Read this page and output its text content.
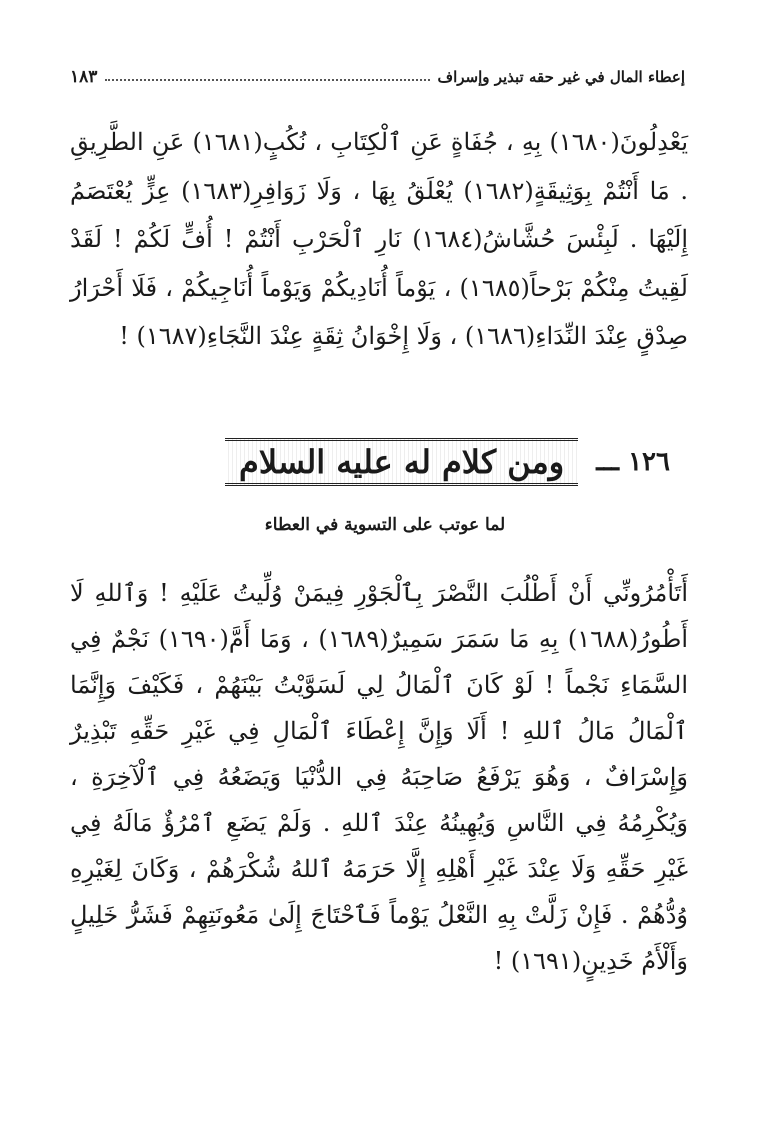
إعطاء المال في غير حقه تبذير وإسراف
١٨٣
يَعْدِلُونَ(١٦٨٠) بِهِ ، جُفَاةٍ عَنِ ٱلْكِتَابِ ، نُكُبٍ(١٦٨١) عَنِ الطَّرِيقِ . مَا أَنْتُمْ بِوَثِيقَةٍ(١٦٨٢) يُعْلَقُ بِهَا ، وَلَا زَوَافِرِ(١٦٨٣) عِزٍّ يُعْتَصَمُ إِلَيْهَا . لَبِئْسَ حُشَّاشُ(١٦٨٤) نَارِ ٱلْحَرْبِ أَنْتُمْ ! أُفٍّ لَكُمْ ! لَقَدْ لَقِيتُ مِنْكُمْ بَرْحاً(١٦٨٥) ، يَوْماً أُنَادِيكُمْ وَيَوْماً أُنَاجِيكُمْ ، فَلَا أَحْرَارُ صِدْقٍ عِنْدَ النِّدَاءِ(١٦٨٦) ، وَلَا إِخْوَانُ ثِقَةٍ عِنْدَ النَّجَاءِ(١٦٨٧) !
١٢٦ ـــ
ومن كلام له عليه السلام
لما عوتب على التسوية في العطاء
أَتَأْمُرُونِّي أَنْ أَطْلُبَ النَّصْرَ بِٱلْجَوْرِ فِيمَنْ وُلِّيتُ عَلَيْهِ ! وَٱللهِ لَا أَطُورُ(١٦٨٨) بِهِ مَا سَمَرَ سَمِيرٌ(١٦٨٩) ، وَمَا أَمَّ(١٦٩٠) نَجْمٌ فِي السَّمَاءِ نَجْماً ! لَوْ كَانَ ٱلْمَالُ لِي لَسَوَّيْتُ بَيْنَهُمْ ، فَكَيْفَ وَإِنَّمَا ٱلْمَالُ مَالُ ٱللهِ ! أَلَا وَإِنَّ إِعْطَاءَ ٱلْمَالِ فِي غَيْرِ حَقِّهِ تَبْذِيرٌ وَإِسْرَافٌ ، وَهُوَ يَرْفَعُ صَاحِبَهُ فِي الدُّنْيَا وَيَضَعُهُ فِي ٱلْآخِرَةِ ، وَيُكْرِمُهُ فِي النَّاسِ وَيُهِينُهُ عِنْدَ ٱللهِ . وَلَمْ يَضَعِ ٱمْرُؤٌ مَالَهُ فِي غَيْرِ حَقِّهِ وَلَا عِنْدَ غَيْرِ أَهْلِهِ إِلَّا حَرَمَهُ ٱللهُ شُكْرَهُمْ ، وَكَانَ لِغَيْرِهِ وُدُّهُمْ . فَإِنْ زَلَّتْ بِهِ النَّعْلُ يَوْماً فَٱحْتَاجَ إِلَىٰ مَعُونَتِهِمْ فَشَرُّ خَلِيلٍ وَأَلْأَمُ خَدِينٍ(١٦٩١) !
